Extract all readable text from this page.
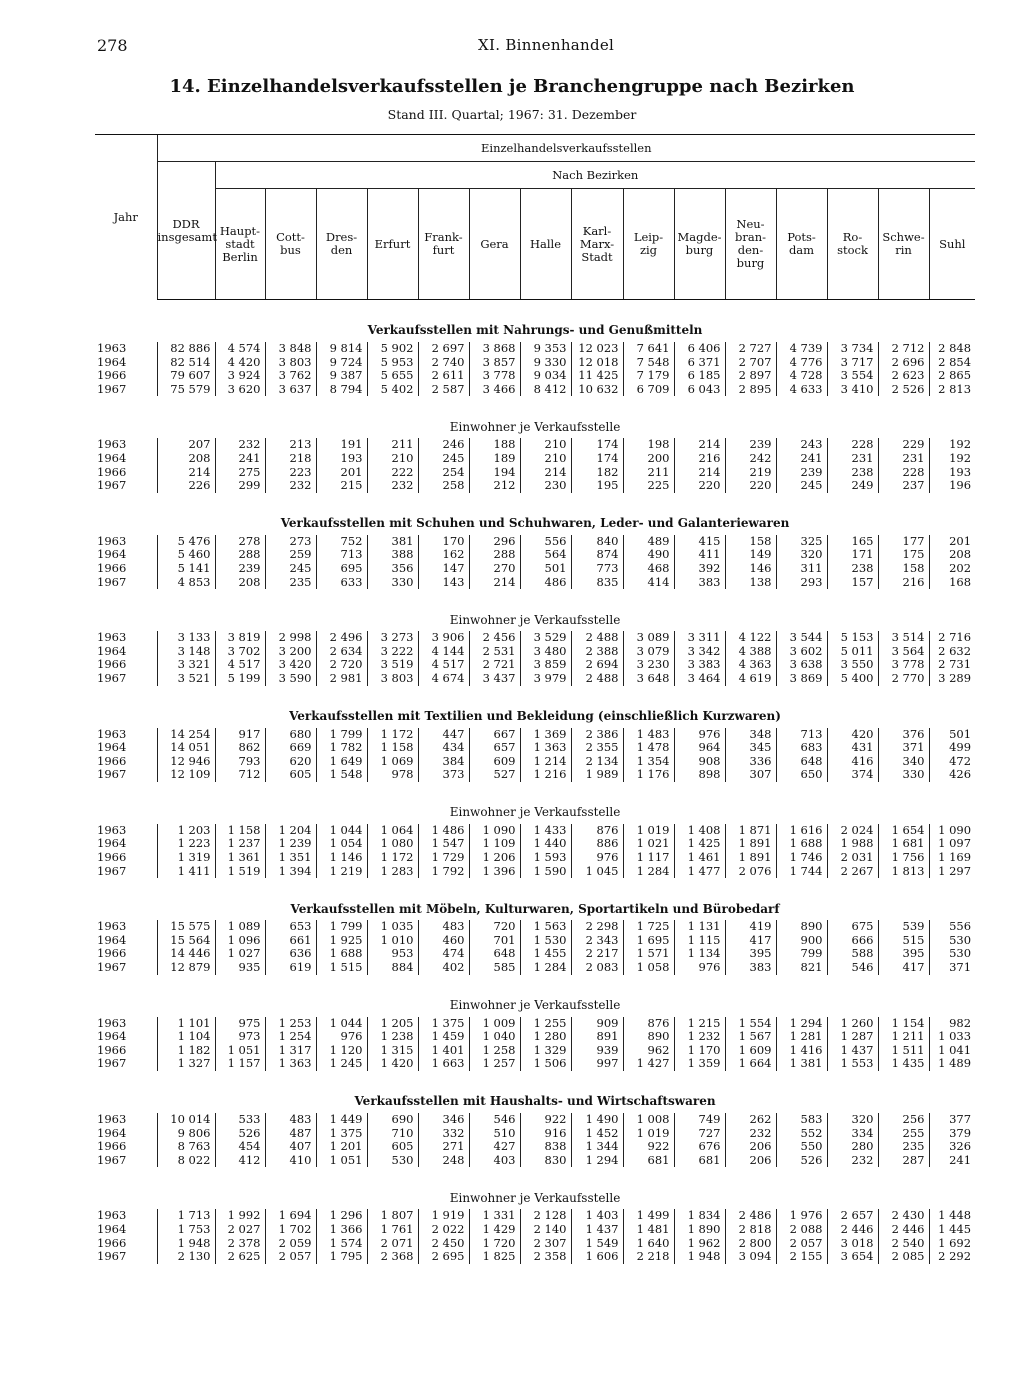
278	XI. Binnenhandel
14. Einzelhandelsverkaufsstellen je Branchengruppe nach Bezirken
Stand III. Quartal; 1967: 31. Dezember
Jahr	Einzelhandelsverkaufsstellen															
	DDR insgesamt	Nach Bezirken														
		Haupt- stadt Berlin	Cott- bus	Dres- den	Erfurt	Frank- furt	Gera	Halle	Karl- Marx- Stadt	Leip- zig	Magde- burg	Neu- bran- den- burg	Pots- dam	Ro- stock	Schwe- rin	Suhl
Verkaufsstellen mit Nahrungs- und Genußmitteln																
1963	82 886	4 574	3 848	9 814	5 902	2 697	3 868	9 353	12 023	7 641	6 406	2 727	4 739	3 734	2 712	2 848
1964	82 514	4 420	3 803	9 724	5 953	2 740	3 857	9 330	12 018	7 548	6 371	2 707	4 776	3 717	2 696	2 854
1966	79 607	3 924	3 762	9 387	5 655	2 611	3 778	9 034	11 425	7 179	6 185	2 897	4 728	3 554	2 623	2 865
1967	75 579	3 620	3 637	8 794	5 402	2 587	3 466	8 412	10 632	6 709	6 043	2 895	4 633	3 410	2 526	2 813
Einwohner je Verkaufsstelle																
1963	207	232	213	191	211	246	188	210	174	198	214	239	243	228	229	192
1964	208	241	218	193	210	245	189	210	174	200	216	242	241	231	231	192
1966	214	275	223	201	222	254	194	214	182	211	214	219	239	238	228	193
1967	226	299	232	215	232	258	212	230	195	225	220	220	245	249	237	196
Verkaufsstellen mit Schuhen und Schuhwaren, Leder- und Galanteriewaren																
1963	5 476	278	273	752	381	170	296	556	840	489	415	158	325	165	177	201
1964	5 460	288	259	713	388	162	288	564	874	490	411	149	320	171	175	208
1966	5 141	239	245	695	356	147	270	501	773	468	392	146	311	238	158	202
1967	4 853	208	235	633	330	143	214	486	835	414	383	138	293	157	216	168
Einwohner je Verkaufsstelle																
1963	3 133	3 819	2 998	2 496	3 273	3 906	2 456	3 529	2 488	3 089	3 311	4 122	3 544	5 153	3 514	2 716
1964	3 148	3 702	3 200	2 634	3 222	4 144	2 531	3 480	2 388	3 079	3 342	4 388	3 602	5 011	3 564	2 632
1966	3 321	4 517	3 420	2 720	3 519	4 517	2 721	3 859	2 694	3 230	3 383	4 363	3 638	3 550	3 778	2 731
1967	3 521	5 199	3 590	2 981	3 803	4 674	3 437	3 979	2 488	3 648	3 464	4 619	3 869	5 400	2 770	3 289
Verkaufsstellen mit Textilien und Bekleidung (einschließlich Kurzwaren)																
1963	14 254	917	680	1 799	1 172	447	667	1 369	2 386	1 483	976	348	713	420	376	501
1964	14 051	862	669	1 782	1 158	434	657	1 363	2 355	1 478	964	345	683	431	371	499
1966	12 946	793	620	1 649	1 069	384	609	1 214	2 134	1 354	908	336	648	416	340	472
1967	12 109	712	605	1 548	978	373	527	1 216	1 989	1 176	898	307	650	374	330	426
Einwohner je Verkaufsstelle																
1963	1 203	1 158	1 204	1 044	1 064	1 486	1 090	1 433	876	1 019	1 408	1 871	1 616	2 024	1 654	1 090
1964	1 223	1 237	1 239	1 054	1 080	1 547	1 109	1 440	886	1 021	1 425	1 891	1 688	1 988	1 681	1 097
1966	1 319	1 361	1 351	1 146	1 172	1 729	1 206	1 593	976	1 117	1 461	1 891	1 746	2 031	1 756	1 169
1967	1 411	1 519	1 394	1 219	1 283	1 792	1 396	1 590	1 045	1 284	1 477	2 076	1 744	2 267	1 813	1 297
Verkaufsstellen mit Möbeln, Kulturwaren, Sportartikeln und Bürobedarf																
1963	15 575	1 089	653	1 799	1 035	483	720	1 563	2 298	1 725	1 131	419	890	675	539	556
1964	15 564	1 096	661	1 925	1 010	460	701	1 530	2 343	1 695	1 115	417	900	666	515	530
1966	14 446	1 027	636	1 688	953	474	648	1 455	2 217	1 571	1 134	395	799	588	395	530
1967	12 879	935	619	1 515	884	402	585	1 284	2 083	1 058	976	383	821	546	417	371
Einwohner je Verkaufsstelle																
1963	1 101	975	1 253	1 044	1 205	1 375	1 009	1 255	909	876	1 215	1 554	1 294	1 260	1 154	982
1964	1 104	973	1 254	976	1 238	1 459	1 040	1 280	891	890	1 232	1 567	1 281	1 287	1 211	1 033
1966	1 182	1 051	1 317	1 120	1 315	1 401	1 258	1 329	939	962	1 170	1 609	1 416	1 437	1 511	1 041
1967	1 327	1 157	1 363	1 245	1 420	1 663	1 257	1 506	997	1 427	1 359	1 664	1 381	1 553	1 435	1 489
Verkaufsstellen mit Haushalts- und Wirtschaftswaren																
1963	10 014	533	483	1 449	690	346	546	922	1 490	1 008	749	262	583	320	256	377
1964	9 806	526	487	1 375	710	332	510	916	1 452	1 019	727	232	552	334	255	379
1966	8 763	454	407	1 201	605	271	427	838	1 344	922	676	206	550	280	235	326
1967	8 022	412	410	1 051	530	248	403	830	1 294	681	681	206	526	232	287	241
Einwohner je Verkaufsstelle																
1963	1 713	1 992	1 694	1 296	1 807	1 919	1 331	2 128	1 403	1 499	1 834	2 486	1 976	2 657	2 430	1 448
1964	1 753	2 027	1 702	1 366	1 761	2 022	1 429	2 140	1 437	1 481	1 890	2 818	2 088	2 446	2 446	1 445
1966	1 948	2 378	2 059	1 574	2 071	2 450	1 720	2 307	1 549	1 640	1 962	2 800	2 057	3 018	2 540	1 692
1967	2 130	2 625	2 057	1 795	2 368	2 695	1 825	2 358	1 606	2 218	1 948	3 094	2 155	3 654	2 085	2 292
